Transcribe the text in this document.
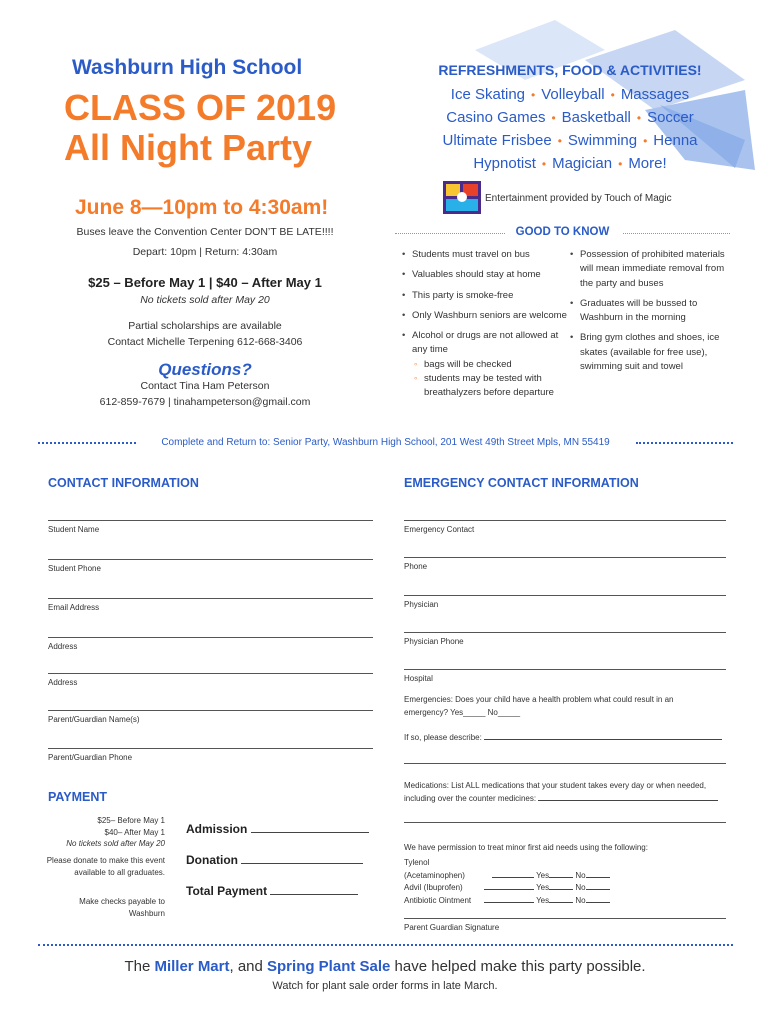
Washburn High School
CLASS OF 2019
All Night Party
June 8—10pm to 4:30am!
Buses leave the Convention Center DON’T BE LATE!!!!
Depart: 10pm | Return: 4:30am
$25 – Before May 1 | $40 – After May 1
No tickets sold after May 20
Partial scholarships are available
Contact Michelle Terpening 612-668-3406
Questions?
Contact Tina Ham Peterson
612-859-7679 | tinahampeterson@gmail.com
REFRESHMENTS, FOOD & ACTIVITIES!
Ice Skating • Volleyball • Massages
Casino Games • Basketball • Soccer
Ultimate Frisbee • Swimming • Henna
Hypnotist • Magician • More!
Entertainment provided by Touch of Magic
GOOD TO KNOW
• Students must travel on bus
• Valuables should stay at home
• This party is smoke-free
• Only Washburn seniors are welcome
• Alcohol or drugs are not allowed at any time
◦ bags will be checked
◦ students may be tested with breathalyzers before departure
• Possession of prohibited materials will mean immediate removal from the party and buses
• Graduates will be bussed to Washburn in the morning
• Bring gym clothes and shoes, ice skates (available for free use), swimming suit and towel
Complete and Return to: Senior Party, Washburn High School, 201 West 49th Street Mpls, MN 55419
CONTACT INFORMATION
Student Name
Student Phone
Email Address
Address
Address
Parent/Guardian Name(s)
Parent/Guardian Phone
PAYMENT
$25– Before May 1
$40– After May 1
No tickets sold after May 20
Please donate to make this event available to all graduates.
Make checks payable to Washburn
Admission
Donation
Total Payment
EMERGENCY CONTACT INFORMATION
Emergency Contact
Phone
Physician
Physician Phone
Hospital
Emergencies: Does your child have a health problem what could result in an
emergency? Yes_____ No_____
If so, please describe:
Medications: List ALL medications that your student takes every day or when needed,
including over the counter medicines:
We have permission to treat minor first aid needs using the following:
Tylenol (Acetaminophen)	Yes	No
Advil (Ibuprofen)	Yes	No
Antibiotic Ointment	Yes	No
Parent Guardian Signature
The Miller Mart, and Spring Plant Sale have helped make this party possible.
Watch for plant sale order forms in late March.
